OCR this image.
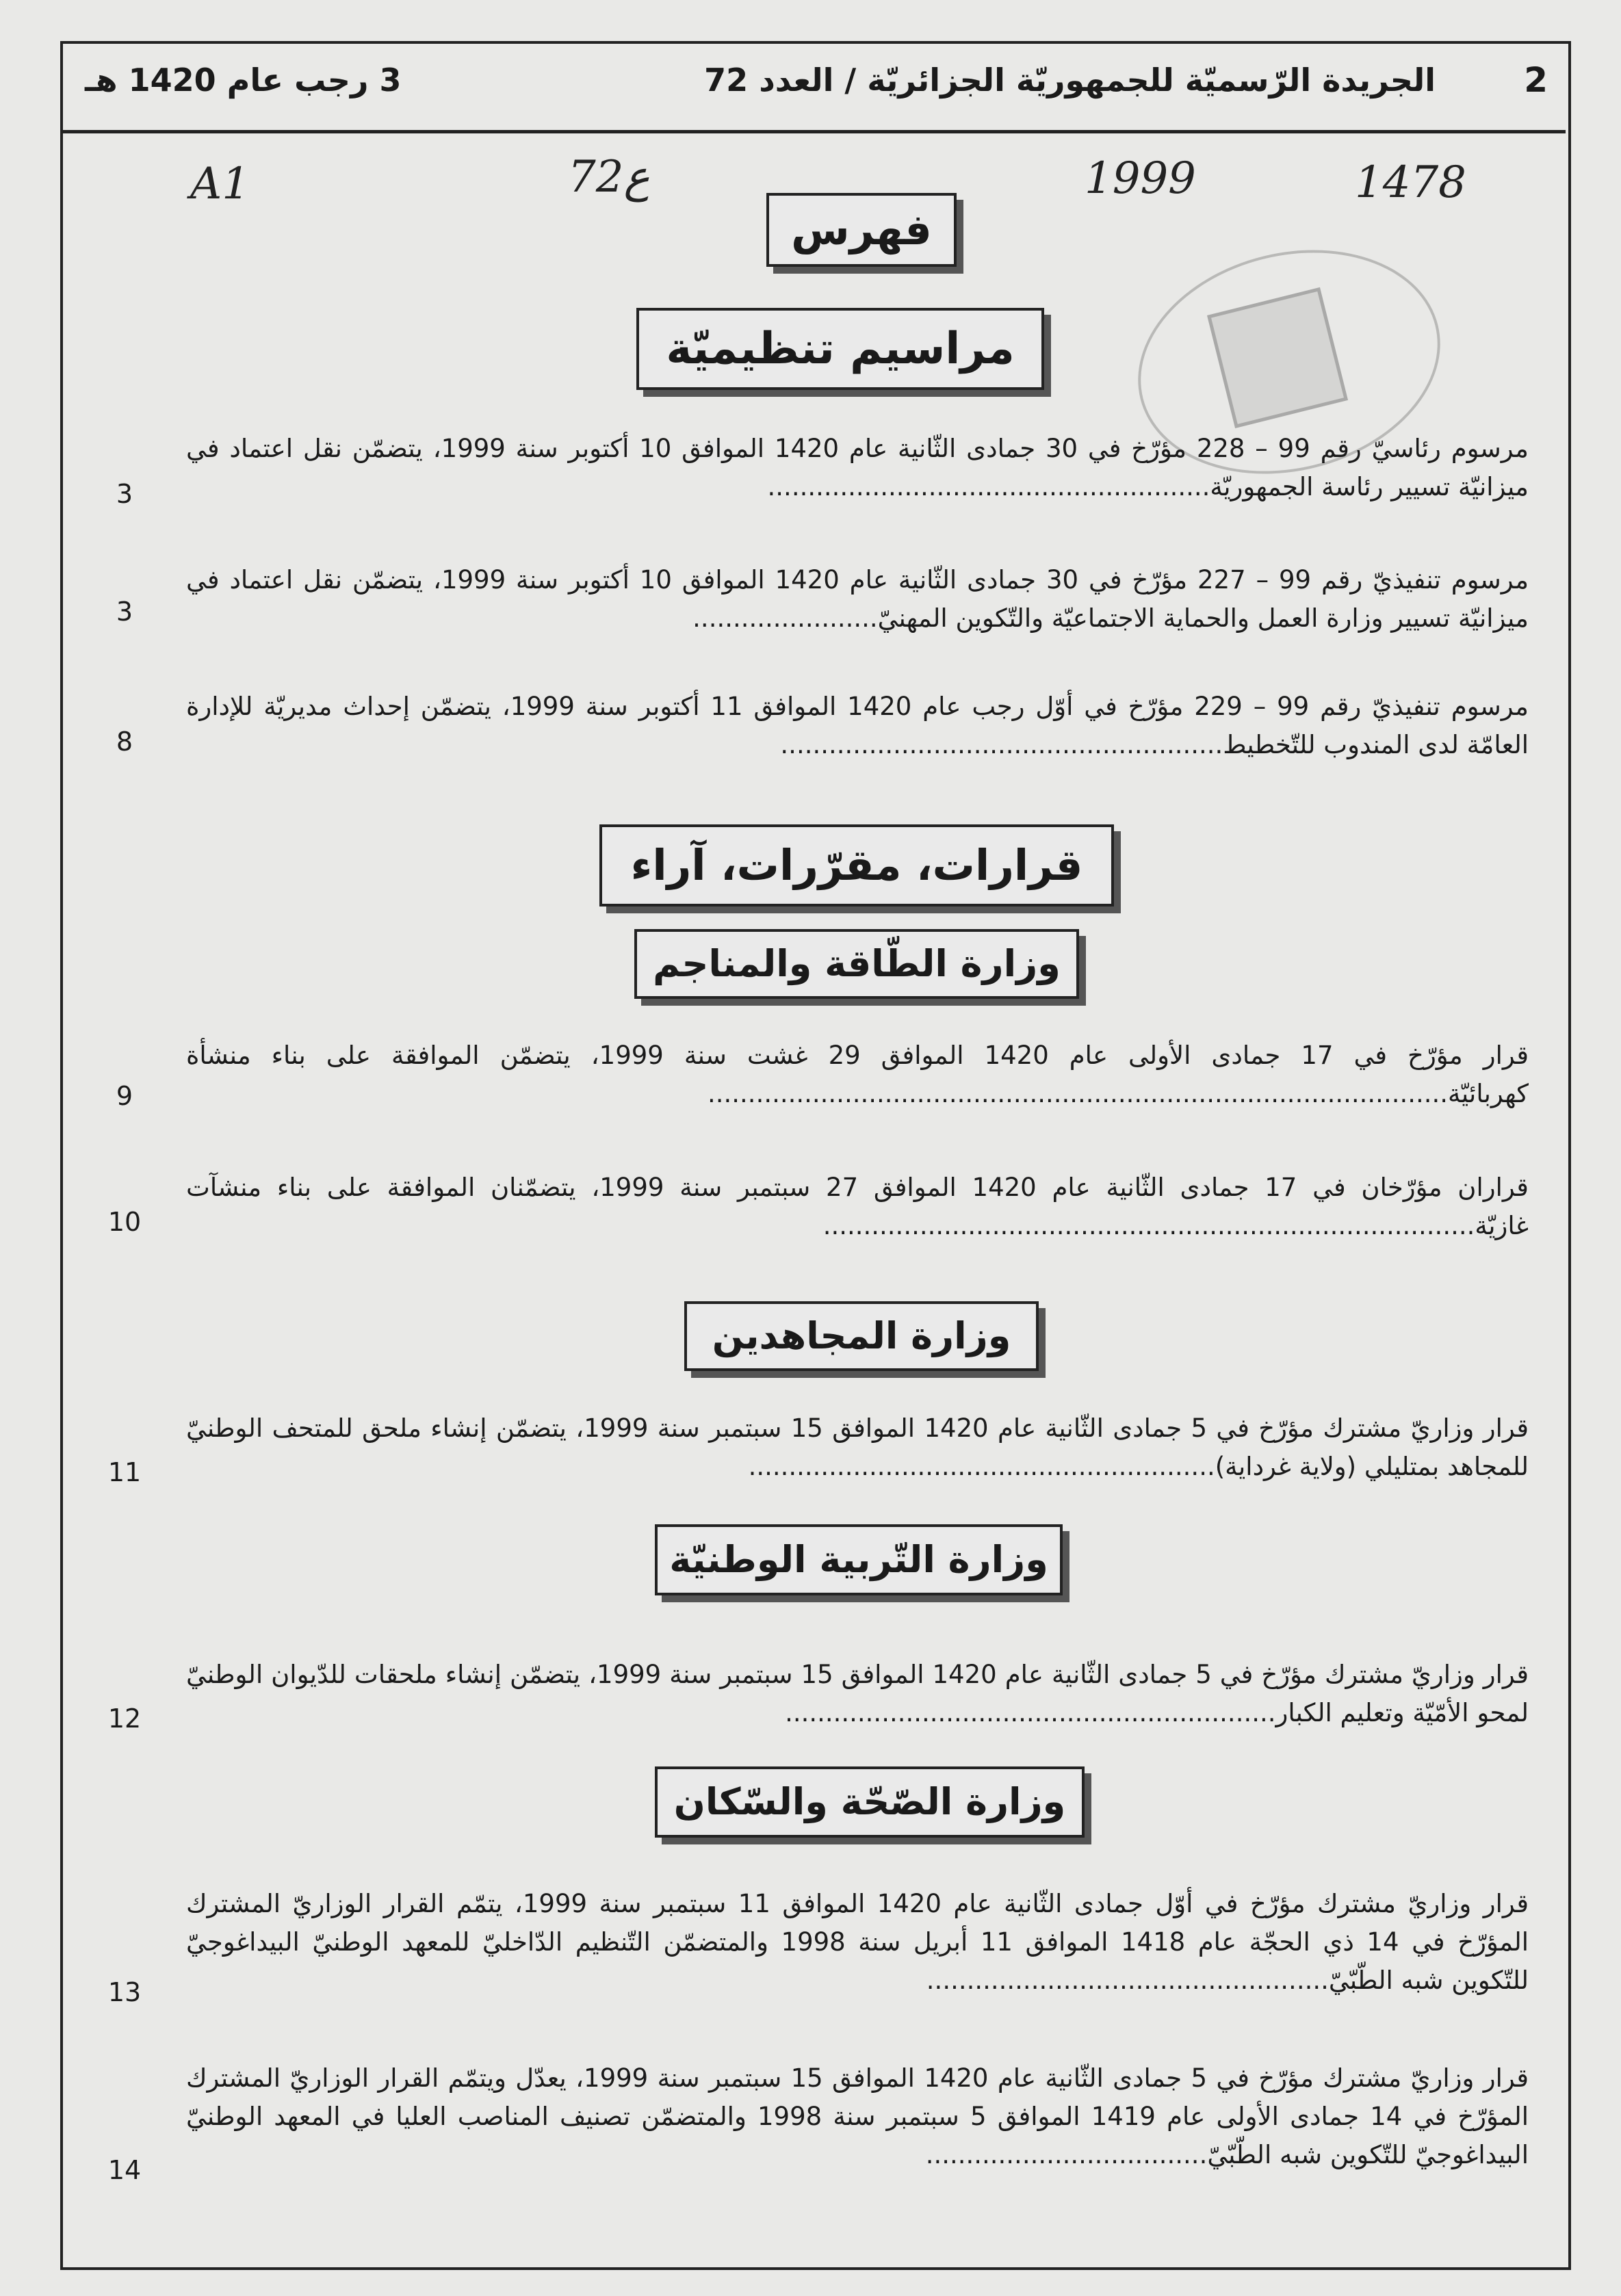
2
الجريدة الرّسميّة للجمهوريّة الجزائريّة / العدد 72
3 رجب عام 1420 هـ
A1	72ع	1999	1478
فهرس
مراسيم تنظيميّة
مرسوم رئاسيّ رقم 99 – 228 مؤرّخ في 30 جمادى الثّانية عام 1420 الموافق 10 أكتوبر سنة 1999، يتضمّن نقل اعتماد في ميزانيّة تسيير رئاسة الجمهوريّة.......................................................
3
مرسوم تنفيذيّ رقم 99 – 227 مؤرّخ في 30 جمادى الثّانية عام 1420 الموافق 10 أكتوبر سنة 1999، يتضمّن نقل اعتماد في ميزانيّة تسيير وزارة العمل والحماية الاجتماعيّة والتّكوين المهنيّ.......................
3
مرسوم تنفيذيّ رقم 99 – 229 مؤرّخ في أوّل رجب عام 1420 الموافق 11 أكتوبر سنة 1999، يتضمّن إحداث مديريّة للإدارة العامّة لدى المندوب للتّخطيط.......................................................
8
قرارات، مقرّرات، آراء
وزارة الطّاقة والمناجم
قرار مؤرّخ في 17 جمادى الأولى عام 1420 الموافق 29 غشت سنة 1999، يتضمّن الموافقة على بناء منشأة كهربائيّة............................................................................................
9
قراران مؤرّخان في 17 جمادى الثّانية عام 1420 الموافق 27 سبتمبر سنة 1999، يتضمّنان الموافقة على بناء منشآت غازيّة.................................................................................
10
وزارة المجاهدين
قرار وزاريّ مشترك مؤرّخ في 5 جمادى الثّانية عام 1420 الموافق 15 سبتمبر سنة 1999، يتضمّن إنشاء ملحق للمتحف الوطنيّ للمجاهد بمتليلي (ولاية غرداية)..........................................................
11
وزارة التّربية الوطنيّة
قرار وزاريّ مشترك مؤرّخ في 5 جمادى الثّانية عام 1420 الموافق 15 سبتمبر سنة 1999، يتضمّن إنشاء ملحقات للدّيوان الوطنيّ لمحو الأمّيّة وتعليم الكبار.............................................................
12
وزارة الصّحّة والسّكان
قرار وزاريّ مشترك مؤرّخ في أوّل جمادى الثّانية عام 1420 الموافق 11 سبتمبر سنة 1999، يتمّم القرار الوزاريّ المشترك المؤرّخ في 14 ذي الحجّة عام 1418 الموافق 11 أبريل سنة 1998 والمتضمّن التّنظيم الدّاخليّ للمعهد الوطنيّ البيداغوجيّ للتّكوين شبه الطّبّيّ..................................................
13
قرار وزاريّ مشترك مؤرّخ في 5 جمادى الثّانية عام 1420 الموافق 15 سبتمبر سنة 1999، يعدّل ويتمّم القرار الوزاريّ المشترك المؤرّخ في 14 جمادى الأولى عام 1419 الموافق 5 سبتمبر سنة 1998 والمتضمّن تصنيف المناصب العليا في المعهد الوطنيّ البيداغوجيّ للتّكوين شبه الطّبّيّ...................................
14
